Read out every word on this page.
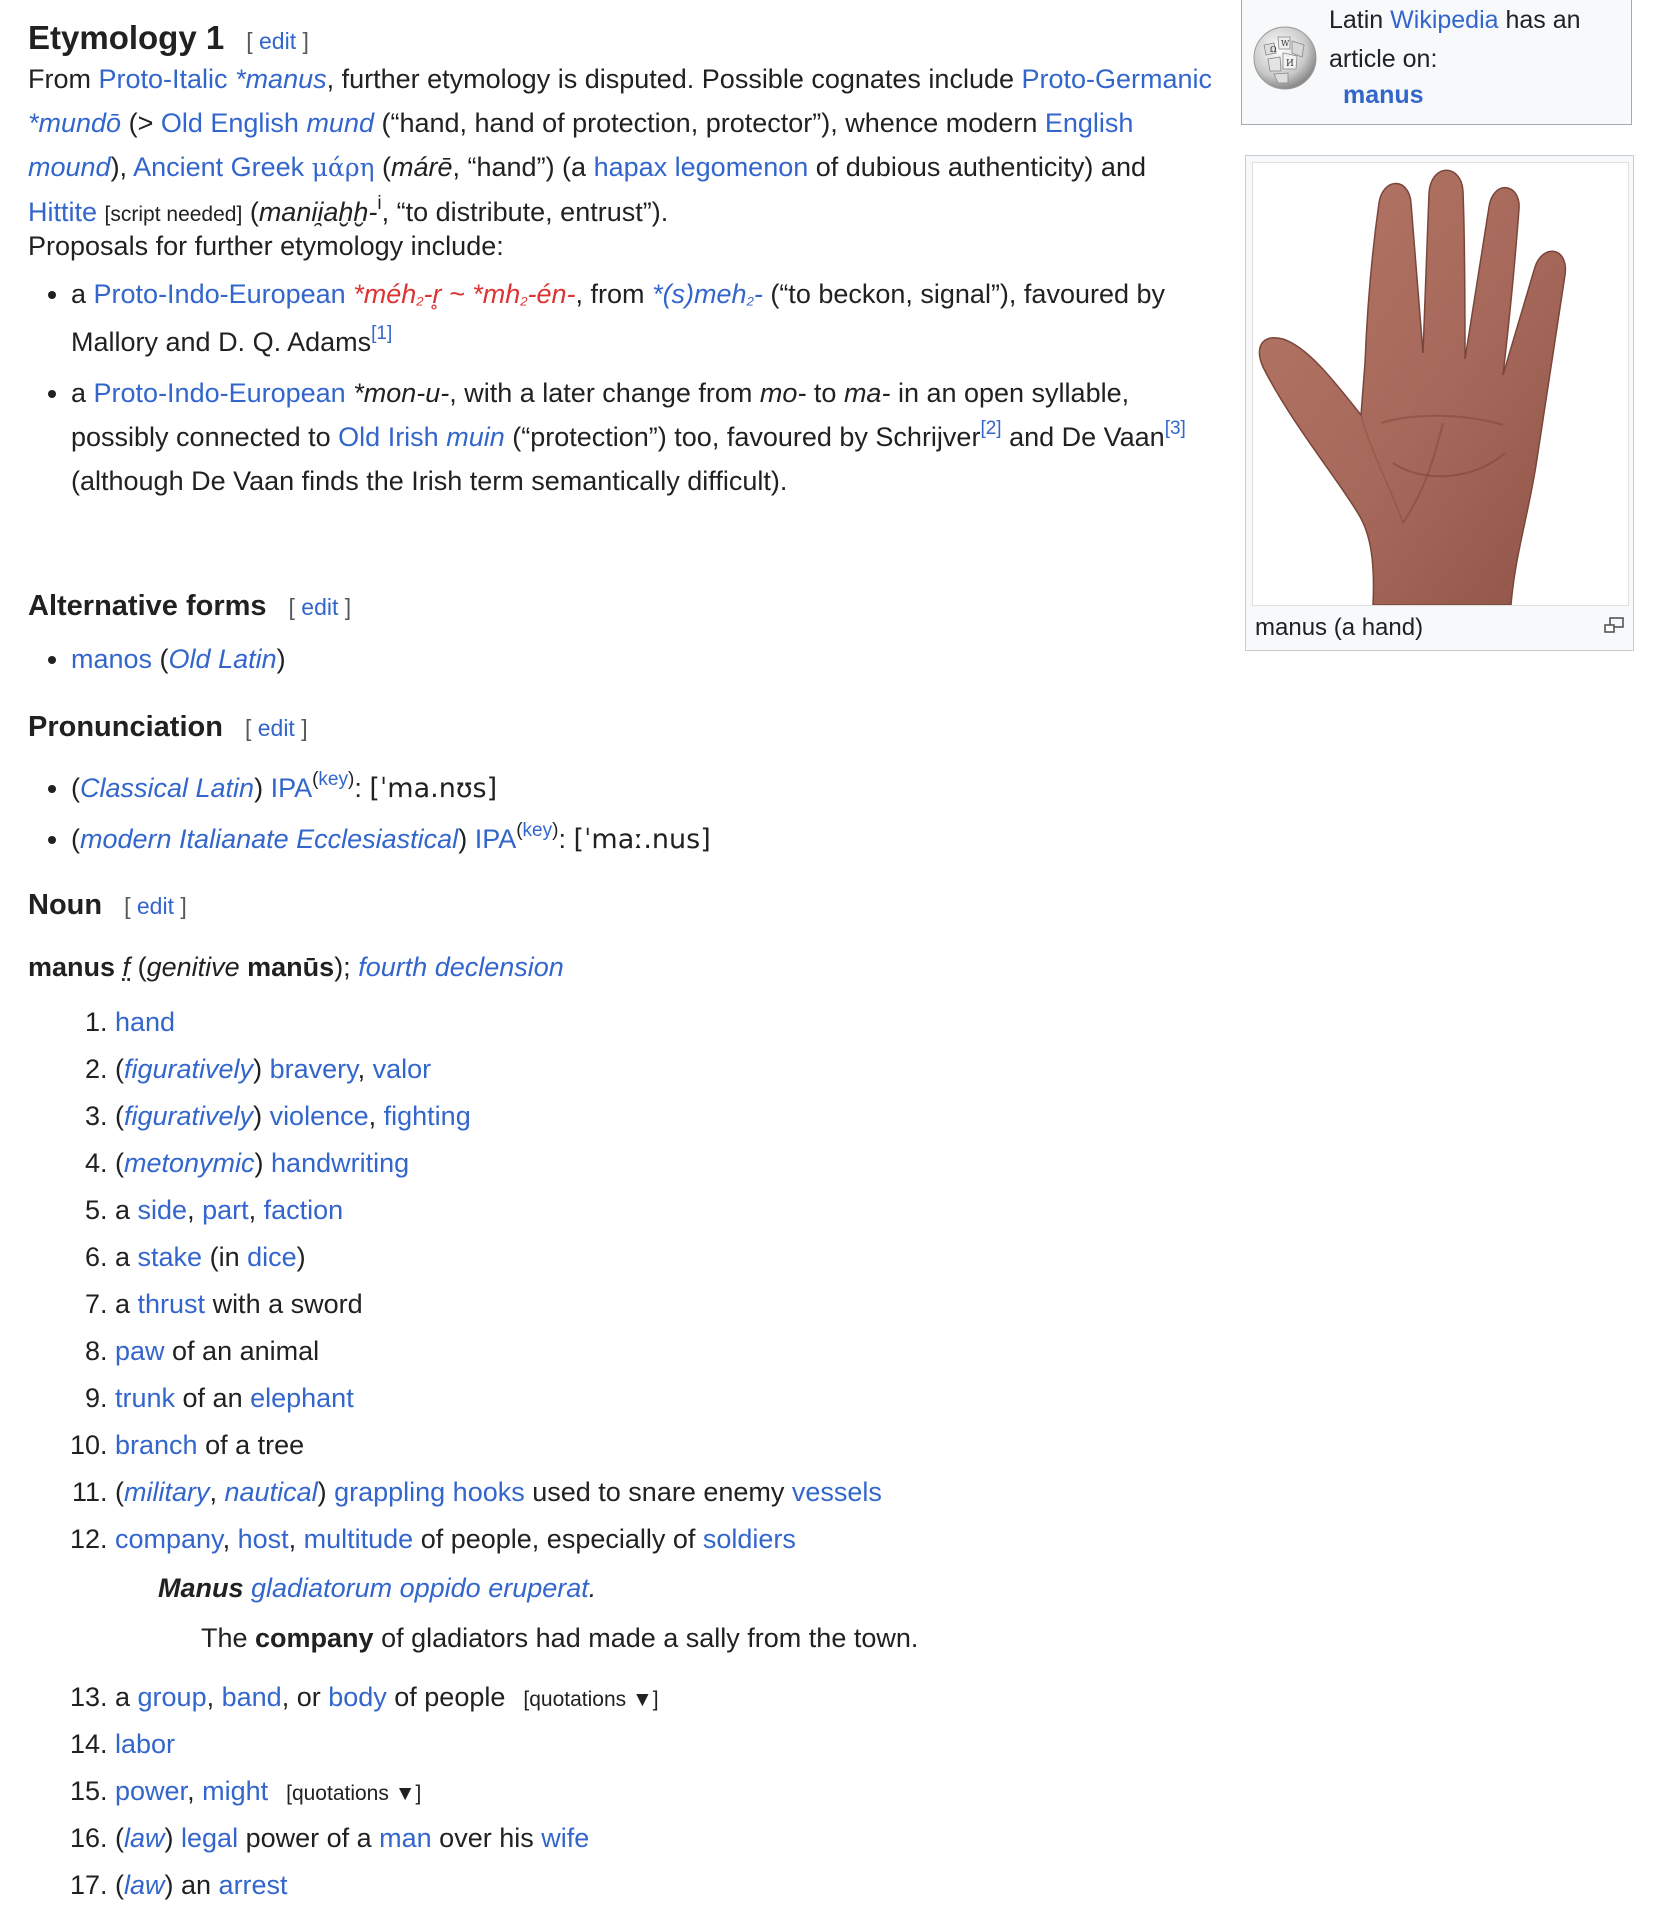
Etymology 1 [ edit ]
From Proto-Italic *manus, further etymology is disputed. Possible cognates include Proto-Germanic
*mundō (> Old English mund (“hand, hand of protection, protector”), whence modern English
mound), Ancient Greek μάρη (márē, “hand”) (a hapax legomenon of dubious authenticity) and
Hittite [script needed] (manii̯aḫḫ-$^i$, “to distribute, entrust”).
Proposals for further etymology include:
• a Proto-Indo-European *méh₂-r̥ ~ *mh₂-én-, from *(s)meh₂- (“to beckon, signal”), favoured by
Mallory and D. Q. Adams[1]
• a Proto-Indo-European *mon-u-, with a later change from mo- to ma- in an open syllable,
possibly connected to Old Irish muin (“protection”) too, favoured by Schrijver[2] and De Vaan[3]
(although De Vaan finds the Irish term semantically difficult).
Alternative forms [ edit ]
• manos (Old Latin)
Pronunciation [ edit ]
• (Classical Latin) IPA$^{(key)}$: [ˈma.nʊs]
• (modern Italianate Ecclesiastical) IPA$^{(key)}$: [ˈmaː.nus]
Noun [ edit ]
manus f (genitive manūs); fourth declension
1. hand
2. (figuratively) bravery, valor
3. (figuratively) violence, fighting
4. (metonymic) handwriting
5. a side, part, faction
6. a stake (in dice)
7. a thrust with a sword
8. paw of an animal
9. trunk of an elephant
10. branch of a tree
11. (military, nautical) grappling hooks used to snare enemy vessels
12. company, host, multitude of people, especially of soldiers
Manus gladiatorum oppido eruperat.
The company of gladiators had made a sally from the town.
13. a group, band, or body of people [quotations ▼]
14. labor
15. power, might [quotations ▼]
16. (law) legal power of a man over his wife
17. (law) an arrest
Ω
W
И
Latin Wikipedia has an
article on:
manus
manus (a hand)
